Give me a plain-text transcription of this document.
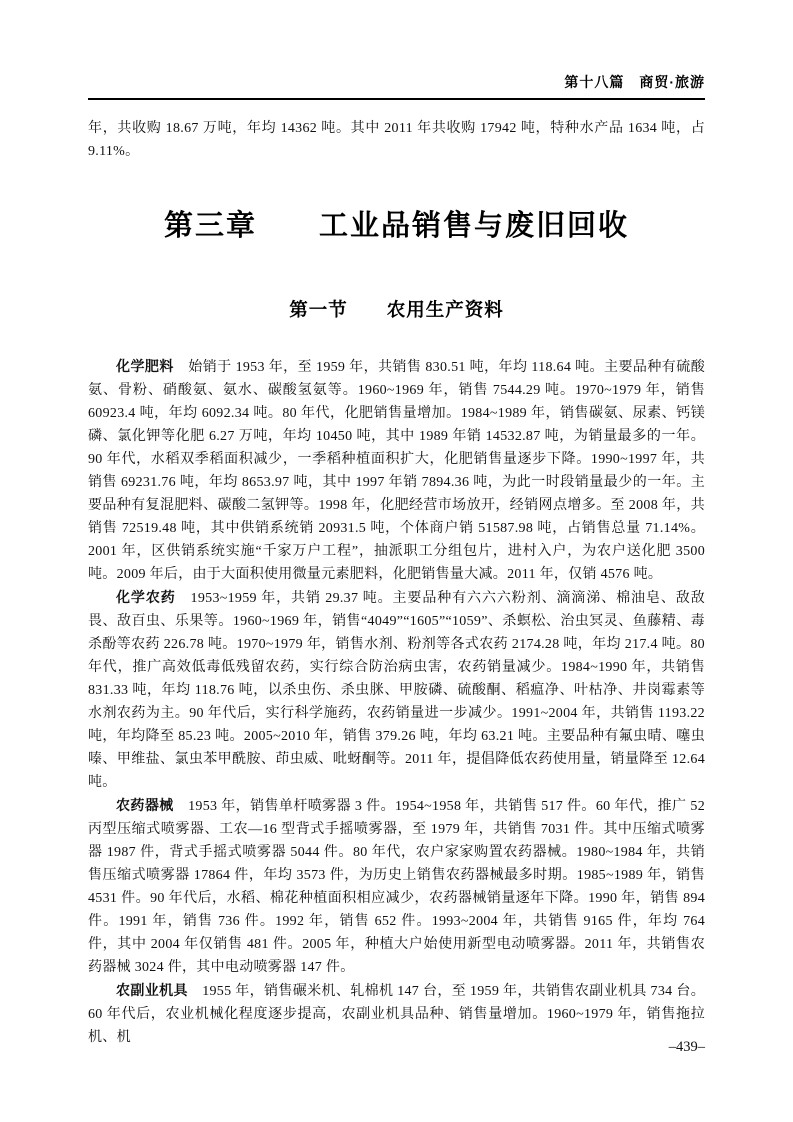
第十八篇　商贸·旅游

年，共收购 18.67 万吨，年均 14362 吨。其中 2011 年共收购 17942 吨，特种水产品 1634 吨，占 9.11%。

第三章　　工业品销售与废旧回收
第一节　　农用生产资料

化学肥料　始销于 1953 年，至 1959 年，共销售 830.51 吨，年均 118.64 吨。主要品种有硫酸氨、骨粉、硝酸氨、氨水、碳酸氢氨等。1960~1969 年，销售 7544.29 吨。1970~1979 年，销售 60923.4 吨，年均 6092.34 吨。80 年代，化肥销售量增加。1984~1989 年，销售碳氨、尿素、钙镁磷、氯化钾等化肥 6.27 万吨，年均 10450 吨，其中 1989 年销 14532.87 吨，为销量最多的一年。90 年代，水稻双季稻面积减少，一季稻种植面积扩大，化肥销售量逐步下降。1990~1997 年，共销售 69231.76 吨，年均 8653.97 吨，其中 1997 年销 7894.36 吨，为此一时段销量最少的一年。主要品种有复混肥料、碳酸二氢钾等。1998 年，化肥经营市场放开，经销网点增多。至 2008 年，共销售 72519.48 吨，其中供销系统销 20931.5 吨，个体商户销 51587.98 吨，占销售总量 71.14%。2001 年，区供销系统实施“千家万户工程”，抽派职工分组包片，进村入户，为农户送化肥 3500 吨。2009 年后，由于大面积使用微量元素肥料，化肥销售量大减。2011 年，仅销 4576 吨。

化学农药　1953~1959 年，共销 29.37 吨。主要品种有六六六粉剂、滴滴涕、棉油皂、敌敌畏、敌百虫、乐果等。1960~1969 年，销售“4049”“1605”“1059”、杀螟松、治虫冥灵、鱼藤精、毒杀酚等农药 226.78 吨。1970~1979 年，销售水剂、粉剂等各式农药 2174.28 吨，年均 217.4 吨。80 年代，推广高效低毒低残留农药，实行综合防治病虫害，农药销量减少。1984~1990 年，共销售 831.33 吨，年均 118.76 吨，以杀虫伤、杀虫脒、甲胺磷、硫酸酮、稻瘟净、叶枯净、井岗霉素等水剂农药为主。90 年代后，实行科学施药，农药销量进一步减少。1991~2004 年，共销售 1193.22 吨，年均降至 85.23 吨。2005~2010 年，销售 379.26 吨，年均 63.21 吨。主要品种有氟虫晴、噻虫嗪、甲维盐、氯虫苯甲酰胺、茚虫威、吡蚜酮等。2011 年，提倡降低农药使用量，销量降至 12.64 吨。

农药器械　1953 年，销售单杆喷雾器 3 件。1954~1958 年，共销售 517 件。60 年代，推广 52 丙型压缩式喷雾器、工农—16 型背式手摇喷雾器，至 1979 年，共销售 7031 件。其中压缩式喷雾器 1987 件，背式手摇式喷雾器 5044 件。80 年代，农户家家购置农药器械。1980~1984 年，共销售压缩式喷雾器 17864 件，年均 3573 件，为历史上销售农药器械最多时期。1985~1989 年，销售 4531 件。90 年代后，水稻、棉花种植面积相应减少，农药器械销量逐年下降。1990 年，销售 894 件。1991 年，销售 736 件。1992 年，销售 652 件。1993~2004 年，共销售 9165 件，年均 764 件，其中 2004 年仅销售 481 件。2005 年，种植大户始使用新型电动喷雾器。2011 年，共销售农药器械 3024 件，其中电动喷雾器 147 件。

农副业机具　1955 年，销售碾米机、轧棉机 147 台，至 1959 年，共销售农副业机具 734 台。60 年代后，农业机械化程度逐步提高，农副业机具品种、销售量增加。1960~1979 年，销售拖拉机、机

–439–
